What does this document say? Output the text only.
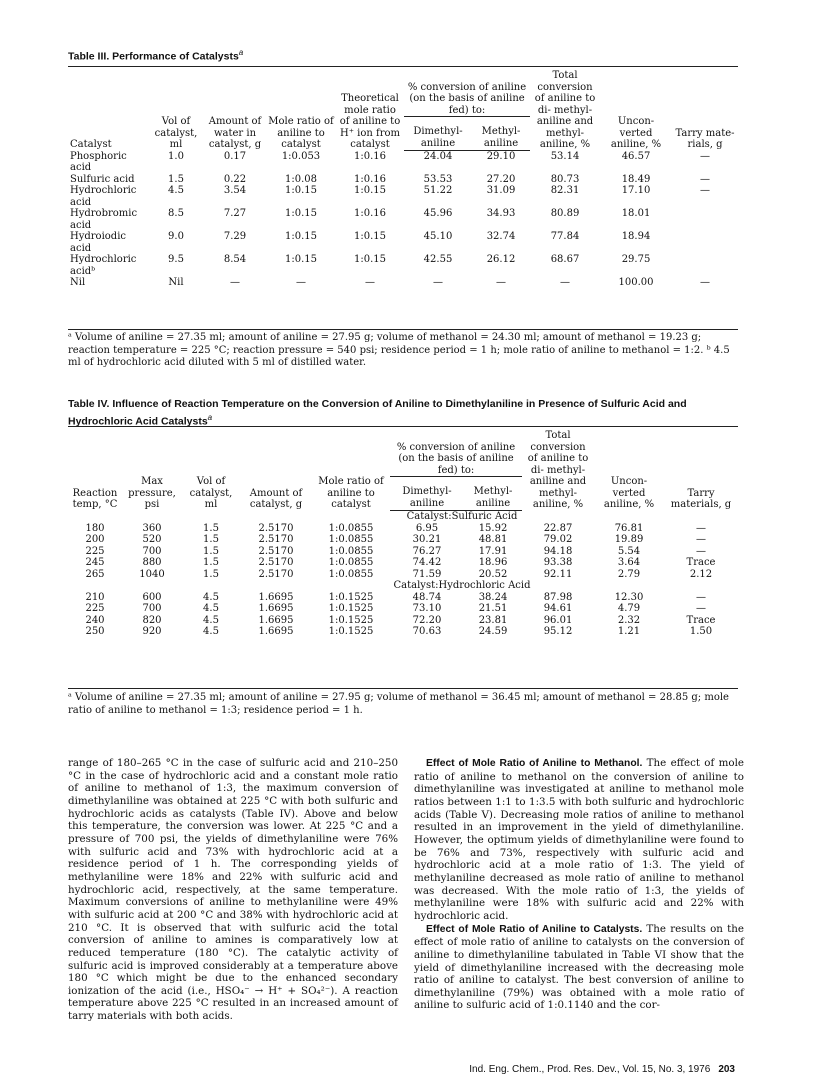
Table III. Performance of Catalysts$^a$
Catalyst	Vol of catalyst, ml	Amount of water in catalyst, g	Mole ratio of aniline to catalyst	Theoretical mole ratio of aniline to H⁺ ion from catalyst	% conversion of aniline (on the basis of aniline fed) to:		Total conversion of aniline to di- methyl- aniline and methyl- aniline, %	Uncon- verted aniline, %	Tarry mate- rials, g
					Dimethyl- aniline	Methyl- aniline			
Phosphoric acid	1.0	0.17	1:0.053	1:0.16	24.04	29.10	53.14	46.57	—
Sulfuric acid	1.5	0.22	1:0.08	1:0.16	53.53	27.20	80.73	18.49	—
Hydrochloric acid	4.5	3.54	1:0.15	1:0.15	51.22	31.09	82.31	17.10	—
Hydrobromic acid	8.5	7.27	1:0.15	1:0.16	45.96	34.93	80.89	18.01	
Hydroiodic acid	9.0	7.29	1:0.15	1:0.15	45.10	32.74	77.84	18.94	
Hydrochloric acidᵇ	9.5	8.54	1:0.15	1:0.15	42.55	26.12	68.67	29.75	
Nil	Nil	—	—	—	—	—	—	100.00	—
ᵃ Volume of aniline = 27.35 ml; amount of aniline = 27.95 g; volume of methanol = 24.30 ml; amount of methanol = 19.23 g; reaction temperature = 225 °C; reaction pressure = 540 psi; residence period = 1 h; mole ratio of aniline to methanol = 1:2. ᵇ 4.5 ml of hydrochloric acid diluted with 5 ml of distilled water.
Table IV. Influence of Reaction Temperature on the Conversion of Aniline to Dimethylaniline in Presence of Sulfuric Acid and Hydrochloric Acid Catalysts$^a$
Reaction temp, °C	Max pressure, psi	Vol of catalyst, ml	Amount of catalyst, g	Mole ratio of aniline to catalyst	% conversion of aniline (on the basis of aniline fed) to:		Total conversion of aniline to di- methyl- aniline and methyl- aniline, %	Uncon- verted aniline, %	Tarry materials, g
					Dimethyl- aniline	Methyl- aniline			
Catalyst:Sulfuric Acid									
180	360	1.5	2.5170	1:0.0855	6.95	15.92	22.87	76.81	—
200	520	1.5	2.5170	1:0.0855	30.21	48.81	79.02	19.89	—
225	700	1.5	2.5170	1:0.0855	76.27	17.91	94.18	5.54	—
245	880	1.5	2.5170	1:0.0855	74.42	18.96	93.38	3.64	Trace
265	1040	1.5	2.5170	1:0.0855	71.59	20.52	92.11	2.79	2.12
Catalyst:Hydrochloric Acid									
210	600	4.5	1.6695	1:0.1525	48.74	38.24	87.98	12.30	—
225	700	4.5	1.6695	1:0.1525	73.10	21.51	94.61	4.79	—
240	820	4.5	1.6695	1:0.1525	72.20	23.81	96.01	2.32	Trace
250	920	4.5	1.6695	1:0.1525	70.63	24.59	95.12	1.21	1.50
ᵃ Volume of aniline = 27.35 ml; amount of aniline = 27.95 g; volume of methanol = 36.45 ml; amount of methanol = 28.85 g; mole ratio of aniline to methanol = 1:3; residence period = 1 h.

range of 180–265 °C in the case of sulfuric acid and 210–250 °C in the case of hydrochloric acid and a constant mole ratio of aniline to methanol of 1:3, the maximum conversion of dimethylaniline was obtained at 225 °C with both sulfuric and hydrochloric acids as catalysts (Table IV). Above and below this temperature, the conversion was lower. At 225 °C and a pressure of 700 psi, the yields of dimethylaniline were 76% with sulfuric acid and 73% with hydrochloric acid at a residence period of 1 h. The corresponding yields of methylaniline were 18% and 22% with sulfuric acid and hydrochloric acid, respectively, at the same temperature. Maximum conversions of aniline to methylaniline were 49% with sulfuric acid at 200 °C and 38% with hydrochloric acid at 210 °C. It is observed that with sulfuric acid the total conversion of aniline to amines is comparatively low at reduced temperature (180 °C). The catalytic activity of sulfuric acid is improved considerably at a temperature above 180 °C which might be due to the enhanced secondary ionization of the acid (i.e., HSO₄⁻ → H⁺ + SO₄²⁻). A reaction temperature above 225 °C resulted in an increased amount of tarry materials with both acids.

Effect of Mole Ratio of Aniline to Methanol. The effect of mole ratio of aniline to methanol on the conversion of aniline to dimethylaniline was investigated at aniline to methanol mole ratios between 1:1 to 1:3.5 with both sulfuric and hydrochloric acids (Table V). Decreasing mole ratios of aniline to methanol resulted in an improvement in the yield of dimethylaniline. However, the optimum yields of dimethylaniline were found to be 76% and 73%, respectively with sulfuric acid and hydrochloric acid at a mole ratio of 1:3. The yield of methylaniline decreased as mole ratio of aniline to methanol was decreased. With the mole ratio of 1:3, the yields of methylaniline were 18% with sulfuric acid and 22% with hydrochloric acid.

Effect of Mole Ratio of Aniline to Catalysts. The results on the effect of mole ratio of aniline to catalysts on the conversion of aniline to dimethylaniline tabulated in Table VI show that the yield of dimethylaniline increased with the decreasing mole ratio of aniline to catalyst. The best conversion of aniline to dimethylaniline (79%) was obtained with a mole ratio of aniline to sulfuric acid of 1:0.1140 and the cor-

Ind. Eng. Chem., Prod. Res. Dev., Vol. 15, No. 3, 1976 203
